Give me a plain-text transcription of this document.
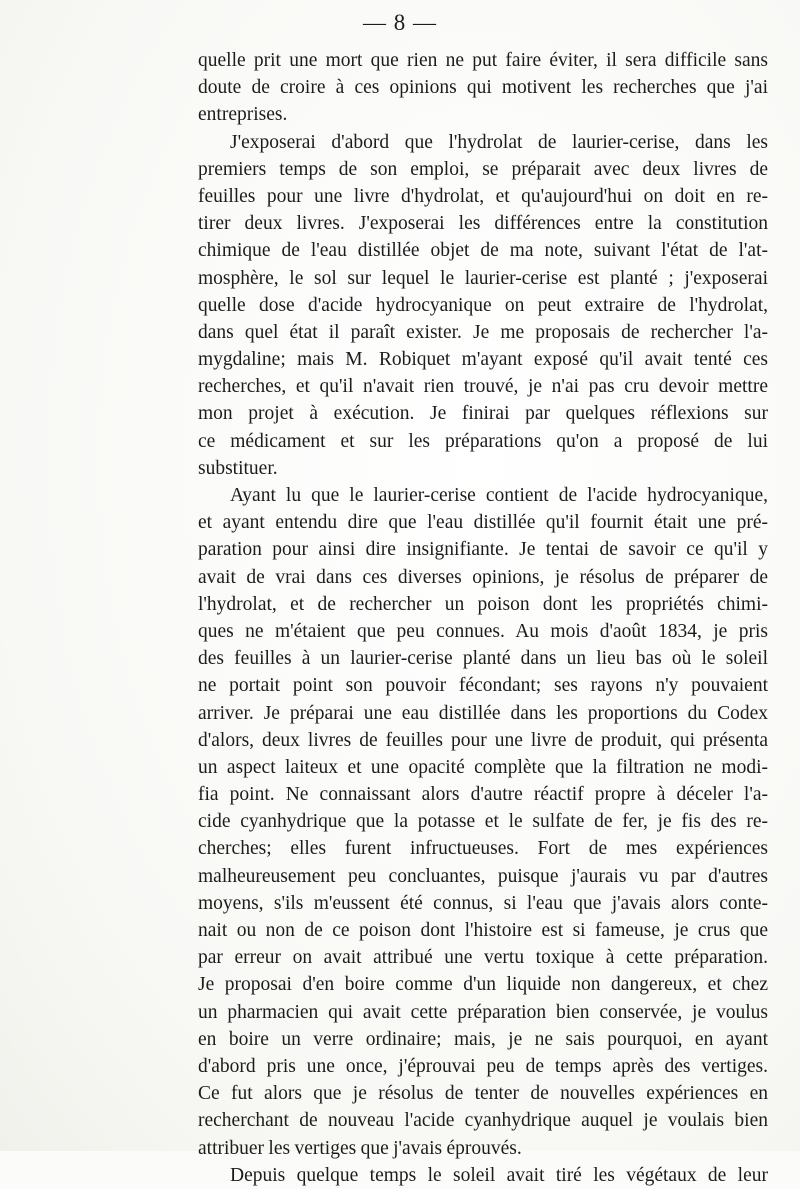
— 8 —
quelle prit une mort que rien ne put faire éviter, il sera difficile sans
doute de croire à ces opinions qui motivent les recherches que j'ai
entreprises.
J'exposerai d'abord que l'hydrolat de laurier-cerise, dans les
premiers temps de son emploi, se préparait avec deux livres de
feuilles pour une livre d'hydrolat, et qu'aujourd'hui on doit en re-
tirer deux livres. J'exposerai les différences entre la constitution
chimique de l'eau distillée objet de ma note, suivant l'état de l'at-
mosphère, le sol sur lequel le laurier-cerise est planté ; j'exposerai
quelle dose d'acide hydrocyanique on peut extraire de l'hydrolat,
dans quel état il paraît exister. Je me proposais de rechercher l'a-
mygdaline; mais M. Robiquet m'ayant exposé qu'il avait tenté ces
recherches, et qu'il n'avait rien trouvé, je n'ai pas cru devoir mettre
mon projet à exécution. Je finirai par quelques réflexions sur
ce médicament et sur les préparations qu'on a proposé de lui
substituer.
Ayant lu que le laurier-cerise contient de l'acide hydrocyanique,
et ayant entendu dire que l'eau distillée qu'il fournit était une pré-
paration pour ainsi dire insignifiante. Je tentai de savoir ce qu'il y
avait de vrai dans ces diverses opinions, je résolus de préparer de
l'hydrolat, et de rechercher un poison dont les propriétés chimi-
ques ne m'étaient que peu connues. Au mois d'août 1834, je pris
des feuilles à un laurier-cerise planté dans un lieu bas où le soleil
ne portait point son pouvoir fécondant; ses rayons n'y pouvaient
arriver. Je préparai une eau distillée dans les proportions du Codex
d'alors, deux livres de feuilles pour une livre de produit, qui présenta
un aspect laiteux et une opacité complète que la filtration ne modi-
fia point. Ne connaissant alors d'autre réactif propre à déceler l'a-
cide cyanhydrique que la potasse et le sulfate de fer, je fis des re-
cherches; elles furent infructueuses. Fort de mes expériences
malheureusement peu concluantes, puisque j'aurais vu par d'autres
moyens, s'ils m'eussent été connus, si l'eau que j'avais alors conte-
nait ou non de ce poison dont l'histoire est si fameuse, je crus que
par erreur on avait attribué une vertu toxique à cette préparation.
Je proposai d'en boire comme d'un liquide non dangereux, et chez
un pharmacien qui avait cette préparation bien conservée, je voulus
en boire un verre ordinaire; mais, je ne sais pourquoi, en ayant
d'abord pris une once, j'éprouvai peu de temps après des vertiges.
Ce fut alors que je résolus de tenter de nouvelles expériences en
recherchant de nouveau l'acide cyanhydrique auquel je voulais bien
attribuer les vertiges que j'avais éprouvés.
Depuis quelque temps le soleil avait tiré les végétaux de leur
